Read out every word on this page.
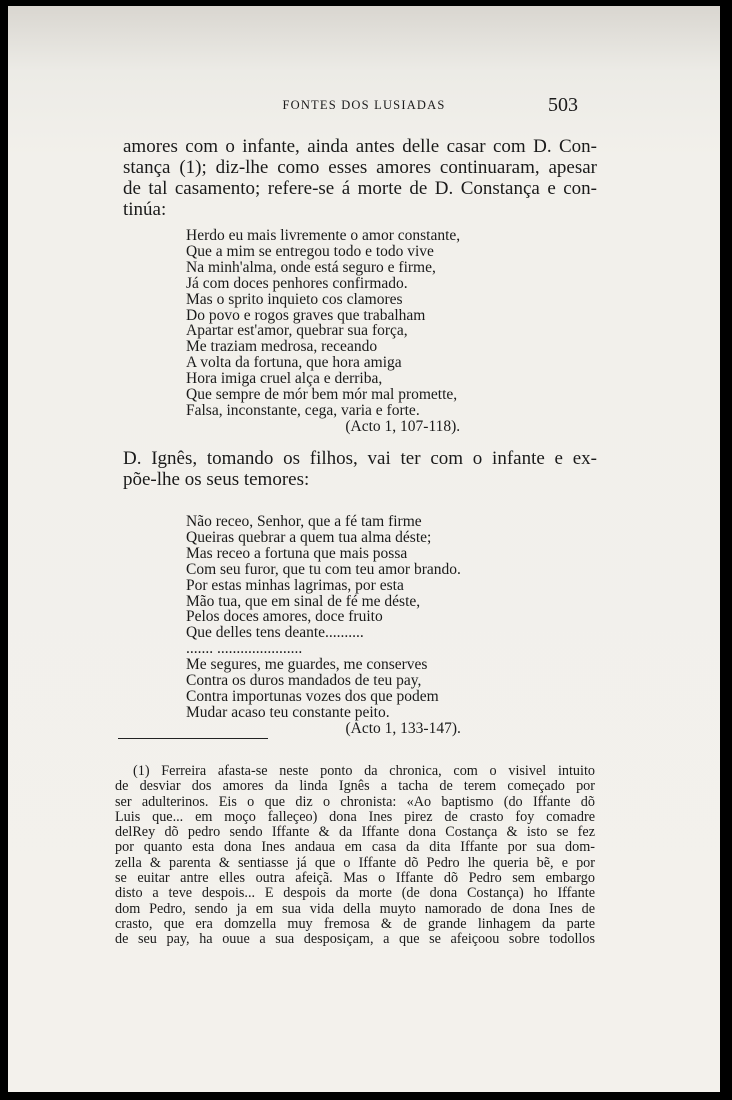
FONTES DOS LUSIADAS	503
amores com o infante, ainda antes delle casar com D. Con-
stança (1); diz-lhe como esses amores continuaram, apesar
de tal casamento; refere-se á morte de D. Constança e con-
tinúa:
Herdo eu mais livremente o amor constante,
Que a mim se entregou todo e todo vive
Na minh'alma, onde está seguro e firme,
Já com doces penhores confirmado.
Mas o sprito inquieto cos clamores
Do povo e rogos graves que trabalham
Apartar est'amor, quebrar sua força,
Me traziam medrosa, receando
A volta da fortuna, que hora amiga
Hora imiga cruel alça e derriba,
Que sempre de mór bem mór mal promette,
Falsa, inconstante, cega, varia e forte.
(Acto 1, 107-118).
D. Ignês, tomando os filhos, vai ter com o infante e ex-
põe-lhe os seus temores:
Não receo, Senhor, que a fé tam firme
Queiras quebrar a quem tua alma déste;
Mas receo a fortuna que mais possa
Com seu furor, que tu com teu amor brando.
Por estas minhas lagrimas, por esta
Mão tua, que em sinal de fé me déste,
Pelos doces amores, doce fruito
Que delles tens deante..........
....... ......................
Me segures, me guardes, me conserves
Contra os duros mandados de teu pay,
Contra importunas vozes dos que podem
Mudar acaso teu constante peito.
(Acto 1, 133-147).
(1) Ferreira afasta-se neste ponto da chronica, com o visivel intuito
de desviar dos amores da linda Ignês a tacha de terem começado por
ser adulterinos. Eis o que diz o chronista: «Ao baptismo (do Iffante dõ
Luis que... em moço falleçeo) dona Ines pirez de crasto foy comadre
delRey dõ pedro sendo Iffante & da Iffante dona Costança & isto se fez
por quanto esta dona Ines andaua em casa da dita Iffante por sua dom-
zella & parenta & sentiasse já que o Iffante dõ Pedro lhe queria bẽ, e por
se euitar antre elles outra afeiçã. Mas o Iffante dõ Pedro sem embargo
disto a teve despois... E despois da morte (de dona Costança) ho Iffante
dom Pedro, sendo ja em sua vida della muyto namorado de dona Ines de
crasto, que era domzella muy fremosa & de grande linhagem da parte
de seu pay, ha ouue a sua desposiçam, a que se afeiçoou sobre todollos
